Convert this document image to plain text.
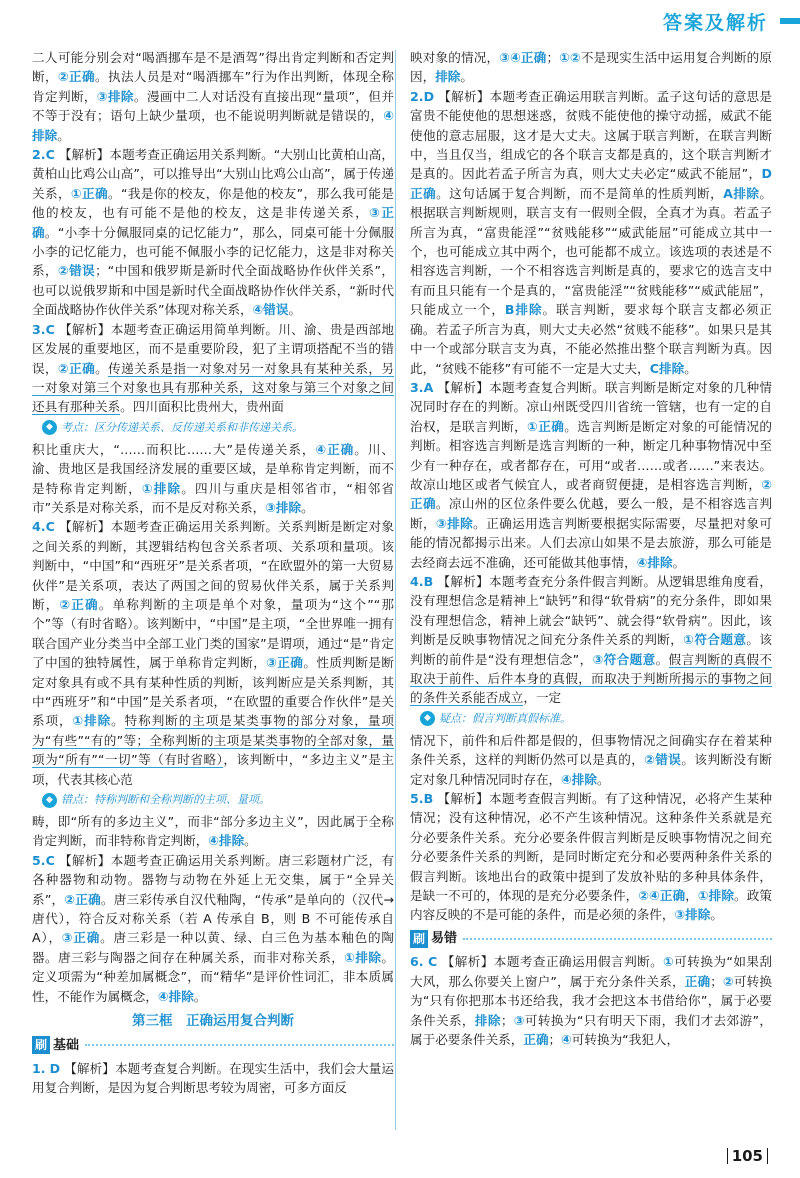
答案及解析

二人可能分别会对“喝酒挪车是不是酒驾”得出肯定判断和否定判断，②正确。执法人员是对“喝酒挪车”行为作出判断，体现全称肯定判断，③排除。漫画中二人对话没有直接出现“量项”，但并不等于没有；语句上缺少量项，也不能说明判断就是错误的，④排除。

2.C 【解析】本题考查正确运用关系判断。“大别山比黄柏山高，黄柏山比鸡公山高”，可以推导出“大别山比鸡公山高”，属于传递关系，①正确。“我是你的校友，你是他的校友”，那么我可能是他的校友，也有可能不是他的校友，这是非传递关系，③正确。“小李十分佩服同桌的记忆能力”，那么，同桌可能十分佩服小李的记忆能力，也可能不佩服小李的记忆能力，这是非对称关系，②错误；“中国和俄罗斯是新时代全面战略协作伙伴关系”，也可以说俄罗斯和中国是新时代全面战略协作伙伴关系，“新时代全面战略协作伙伴关系”体现对称关系，④错误。

3.C 【解析】本题考查正确运用简单判断。川、渝、贵是西部地区发展的重要地区，而不是重要阶段，犯了主谓项搭配不当的错误，②正确。传递关系是指一对象对另一对象具有某种关系，另一对象对第三个对象也具有那种关系，这对象与第三个对象之间还具有那种关系。四川面积比贵州大，贵州面

◆ 考点：区分传递关系、反传递关系和非传递关系。

积比重庆大，“……而积比……大”是传递关系，④正确。川、渝、贵地区是我国经济发展的重要区域，是单称肯定判断，而不是特称肯定判断，①排除。四川与重庆是相邻省市，“相邻省市”关系是对称关系，而不是反对称关系，③排除。

4.C 【解析】本题考查正确运用关系判断。关系判断是断定对象之间关系的判断，其逻辑结构包含关系者项、关系项和量项。该判断中，“中国”和“西班牙”是关系者项，“在欧盟外的第一大贸易伙伴”是关系项，表达了两国之间的贸易伙伴关系，属于关系判断，②正确。单称判断的主项是单个对象，量项为“这个”“那个”等（有时省略）。该判断中，“中国”是主项，“全世界唯一拥有联合国产业分类当中全部工业门类的国家”是谓项，通过“是”肯定了中国的独特属性，属于单称肯定判断，③正确。性质判断是断定对象具有或不具有某种性质的判断，该判断应是关系判断，其中“西班牙”和“中国”是关系者项，“在欧盟的重要合作伙伴”是关系项，①排除。特称判断的主项是某类事物的部分对象，量项为“有些”“有的”等；全称判断的主项是某类事物的全部对象，量项为“所有”“一切”等（有时省略），该判断中，“多边主义”是主项，代表其核心范

◆ 错点：特称判断和全称判断的主项、量项。

畴，即“所有的多边主义”，而非“部分多边主义”，因此属于全称肯定判断，而非特称肯定判断，④排除。

5.C 【解析】本题考查正确运用关系判断。唐三彩题材广泛，有各种器物和动物。器物与动物在外延上无交集，属于“全异关系”，②正确。唐三彩传承自汉代釉陶，“传承”是单向的（汉代→唐代），符合反对称关系（若 A 传承自 B，则 B 不可能传承自 A），③正确。唐三彩是一种以黄、绿、白三色为基本釉色的陶器。唐三彩与陶器之间存在种属关系，而非对称关系，①排除。定义项需为“种差加属概念”，而“精华”是评价性词汇，非本质属性，不能作为属概念，④排除。

第三框　正确运用复合判断
刷 基础

1. D 【解析】本题考查复合判断。在现实生活中，我们会大量运用复合判断，是因为复合判断思考较为周密，可多方面反

映对象的情况，③④正确；①②不是现实生活中运用复合判断的原因，排除。

2.D 【解析】本题考查正确运用联言判断。孟子这句话的意思是富贵不能使他的思想迷惑，贫贱不能使他的操守动摇，威武不能使他的意志屈服，这才是大丈夫。这属于联言判断，在联言判断中，当且仅当，组成它的各个联言支都是真的，这个联言判断才是真的。因此若孟子所言为真，则大丈夫必定“威武不能屈”，D正确。这句话属于复合判断，而不是简单的性质判断，A排除。根据联言判断规则，联言支有一假则全假，全真才为真。若孟子所言为真，“富贵能淫”“贫贱能移”“威武能屈”可能成立其中一个，也可能成立其中两个，也可能都不成立。该选项的表述是不相容选言判断，一个不相容选言判断是真的，要求它的选言支中有而且只能有一个是真的，“富贵能淫”“贫贱能移”“威武能屈”，只能成立一个，B排除。联言判断，要求每个联言支都必须正确。若孟子所言为真，则大丈夫必然“贫贱不能移”。如果只是其中一个或部分联言支为真，不能必然推出整个联言判断为真。因此，“贫贱不能移”有可能不一定是大丈夫，C排除。

3.A 【解析】本题考查复合判断。联言判断是断定对象的几种情况同时存在的判断。凉山州既受四川省统一管辖，也有一定的自治权，是联言判断，①正确。选言判断是断定对象的可能情况的判断。相容选言判断是选言判断的一种，断定几种事物情况中至少有一种存在，或者都存在，可用“或者……或者……”来表达。故凉山地区或者气候宜人，或者商贸便捷，是相容选言判断，②正确。凉山州的区位条件要么优越，要么一般，是不相容选言判断，③排除。正确运用选言判断要根据实际需要，尽量把对象可能的情况都揭示出来。人们去凉山如果不是去旅游，那么可能是去经商去远不准确，还可能做其他事情，④排除。

4.B 【解析】本题考查充分条件假言判断。从逻辑思维角度看，没有理想信念是精神上“缺钙”和得“软骨病”的充分条件，即如果没有理想信念，精神上就会“缺钙”、就会得“软骨病”。因此，该判断是反映事物情况之间充分条件关系的判断，①符合题意。该判断的前件是“没有理想信念”，③符合题意。假言判断的真假不取决于前件、后件本身的真假，而取决于判断所揭示的事物之间的条件关系能否成立，一定

◆ 疑点：假言判断真假标准。

情况下，前件和后件都是假的，但事物情况之间确实存在着某种条件关系，这样的判断仍然可以是真的，②错误。该判断没有断定对象几种情况同时存在，④排除。

5.B 【解析】本题考查假言判断。有了这种情况，必将产生某种情况；没有这种情况，必不产生该种情况。这种条件关系就是充分必要条件关系。充分必要条件假言判断是反映事物情况之间充分必要条件关系的判断，是同时断定充分和必要两种条件关系的假言判断。该地出台的政策中提到了发放补贴的多种具体条件，是缺一不可的，体现的是充分必要条件，②④正确，①排除。政策内容反映的不是可能的条件，而是必须的条件，③排除。

刷 易错

6. C 【解析】本题考查正确运用假言判断。①可转换为“如果刮大风，那么你要关上窗户”，属于充分条件关系，正确；②可转换为“只有你把那本书还给我，我才会把这本书借给你”，属于必要条件关系，排除；③可转换为“只有明天下雨，我们才去郊游”，属于必要条件关系，正确；④可转换为“我犯人，

105
